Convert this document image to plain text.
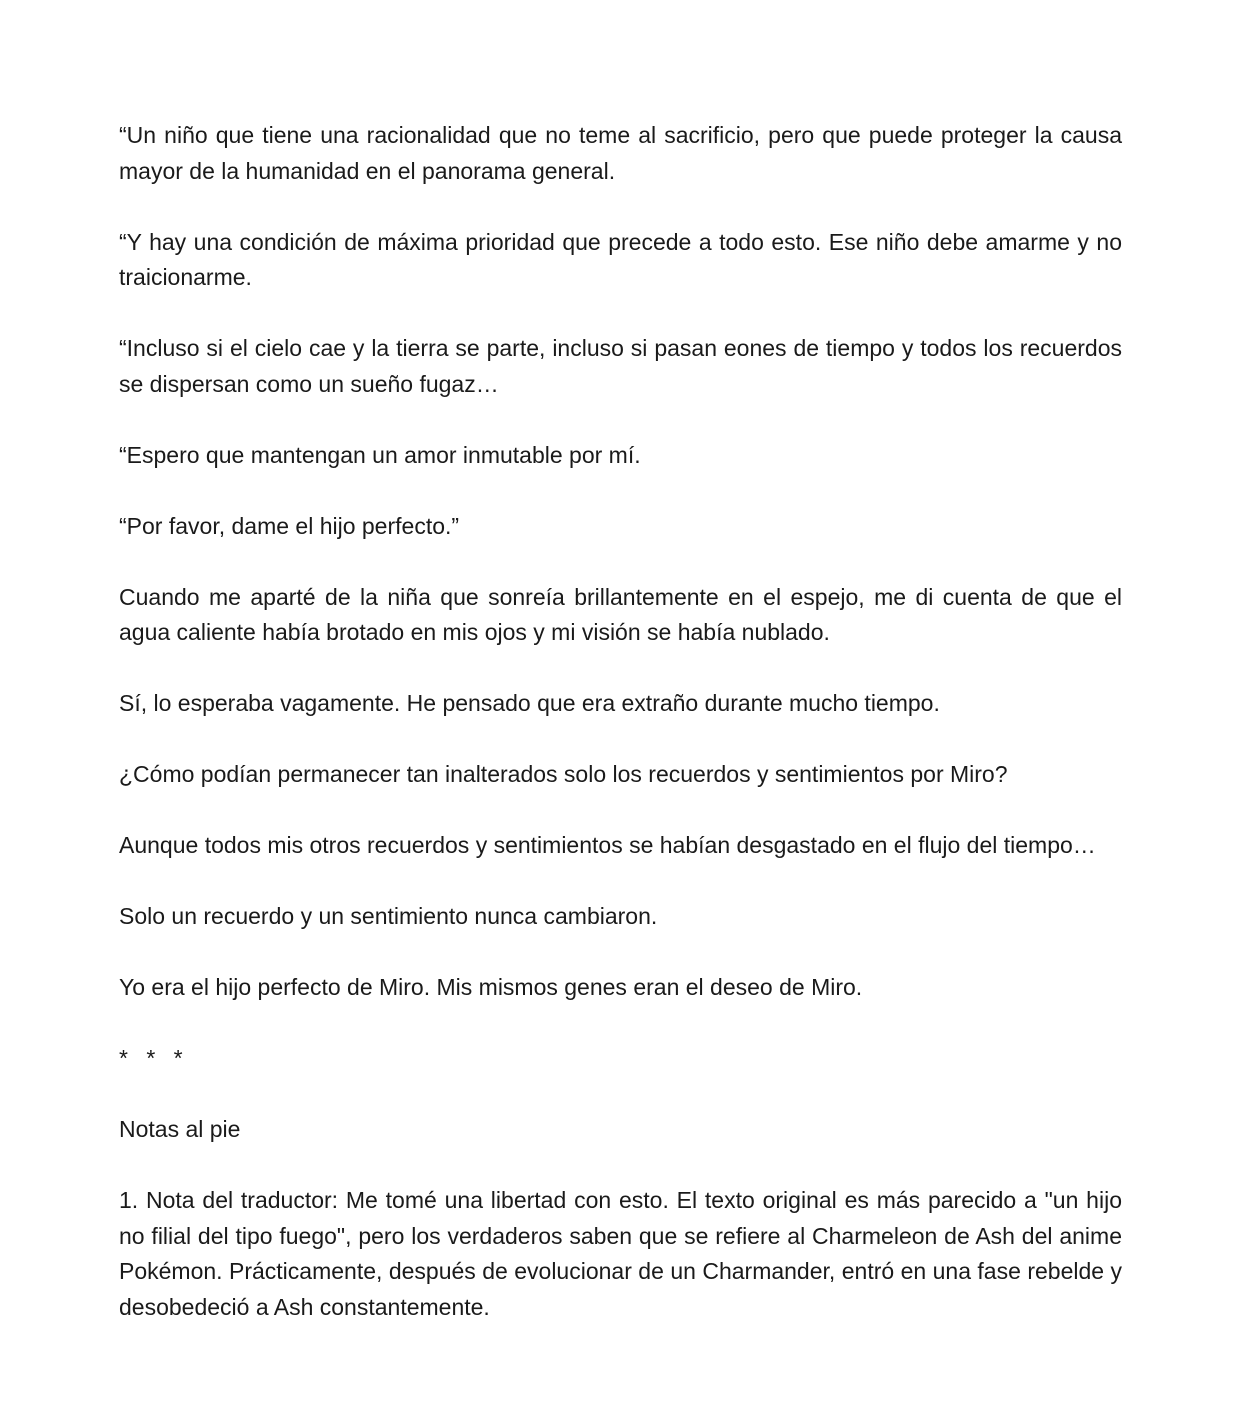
“Un niño que tiene una racionalidad que no teme al sacrificio, pero que puede proteger la causa mayor de la humanidad en el panorama general.

“Y hay una condición de máxima prioridad que precede a todo esto. Ese niño debe amarme y no traicionarme.

“Incluso si el cielo cae y la tierra se parte, incluso si pasan eones de tiempo y todos los recuerdos se dispersan como un sueño fugaz…

“Espero que mantengan un amor inmutable por mí.

“Por favor, dame el hijo perfecto.”

Cuando me aparté de la niña que sonreía brillantemente en el espejo, me di cuenta de que el agua caliente había brotado en mis ojos y mi visión se había nublado.

Sí, lo esperaba vagamente. He pensado que era extraño durante mucho tiempo.

¿Cómo podían permanecer tan inalterados solo los recuerdos y sentimientos por Miro?

Aunque todos mis otros recuerdos y sentimientos se habían desgastado en el flujo del tiempo…

Solo un recuerdo y un sentimiento nunca cambiaron.

Yo era el hijo perfecto de Miro. Mis mismos genes eran el deseo de Miro.

* * *

Notas al pie

1. Nota del traductor: Me tomé una libertad con esto. El texto original es más parecido a "un hijo no filial del tipo fuego", pero los verdaderos saben que se refiere al Charmeleon de Ash del anime Pokémon. Prácticamente, después de evolucionar de un Charmander, entró en una fase rebelde y desobedeció a Ash constantemente.
